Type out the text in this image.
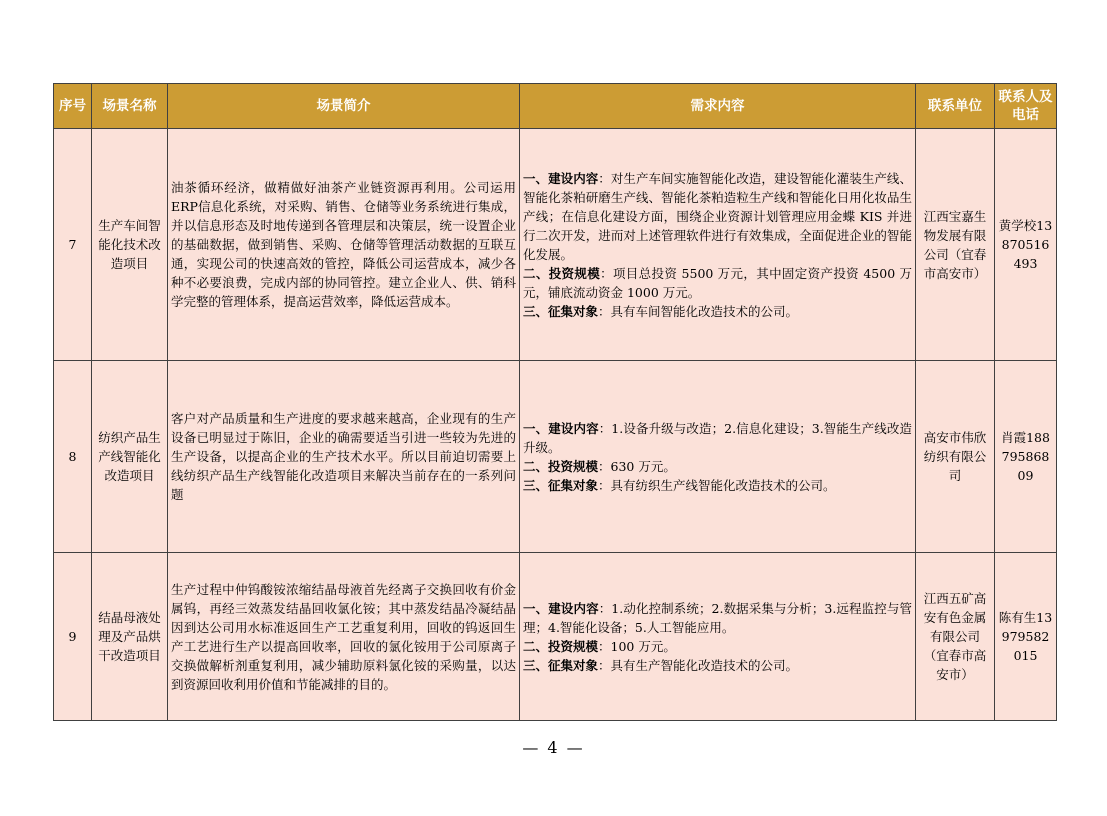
序号	场景名称	场景简介	需求内容	联系单位	联系人及电话
7	生产车间智能化技术改造项目	油茶循环经济，做精做好油茶产业链资源再利用。公司运用ERP信息化系统，对采购、销售、仓储等业务系统进行集成，并以信息形态及时地传递到各管理层和决策层，统一设置企业的基础数据，做到销售、采购、仓储等管理活动数据的互联互通，实现公司的快速高效的管控，降低公司运营成本，减少各种不必要浪费，完成内部的协同管控。建立企业人、供、销科学完整的管理体系，提高运营效率，降低运营成本。	一、建设内容：对生产车间实施智能化改造，建设智能化灌装生产线、智能化茶粕研磨生产线、智能化茶粕造粒生产线和智能化日用化妆品生产线；在信息化建设方面，围绕企业资源计划管理应用金蝶 KIS 并进行二次开发，进而对上述管理软件进行有效集成，全面促进企业的智能化发展。
二、投资规模：项目总投资 5500 万元，其中固定资产投资 4500 万元，铺底流动资金 1000 万元。
三、征集对象：具有车间智能化改造技术的公司。	江西宝嘉生物发展有限公司（宜春市高安市）	黄学校13870516493
8	纺织产品生产线智能化改造项目	客户对产品质量和生产进度的要求越来越高，企业现有的生产设备已明显过于陈旧，企业的确需要适当引进一些较为先进的生产设备，以提高企业的生产技术水平。所以目前迫切需要上线纺织产品生产线智能化改造项目来解决当前存在的一系列问题	一、建设内容：1.设备升级与改造；2.信息化建设；3.智能生产线改造升级。
二、投资规模：630 万元。
三、征集对象：具有纺织生产线智能化改造技术的公司。	高安市伟欣纺织有限公司	肖霞18879586809
9	结晶母液处理及产品烘干改造项目	生产过程中仲钨酸铵浓缩结晶母液首先经离子交换回收有价金属钨，再经三效蒸发结晶回收氯化铵；其中蒸发结晶冷凝结晶因到达公司用水标准返回生产工艺重复利用，回收的钨返回生产工艺进行生产以提高回收率，回收的氯化铵用于公司原离子交换做解析剂重复利用，减少辅助原料氯化铵的采购量，以达到资源回收利用价值和节能减排的目的。	一、建设内容：1.动化控制系统；2.数据采集与分析；3.远程监控与管理；4.智能化设备；5.人工智能应用。
二、投资规模：100 万元。
三、征集对象：具有生产智能化改造技术的公司。	江西五矿高安有色金属有限公司（宜春市高安市）	陈有生13979582015
— 4 —
